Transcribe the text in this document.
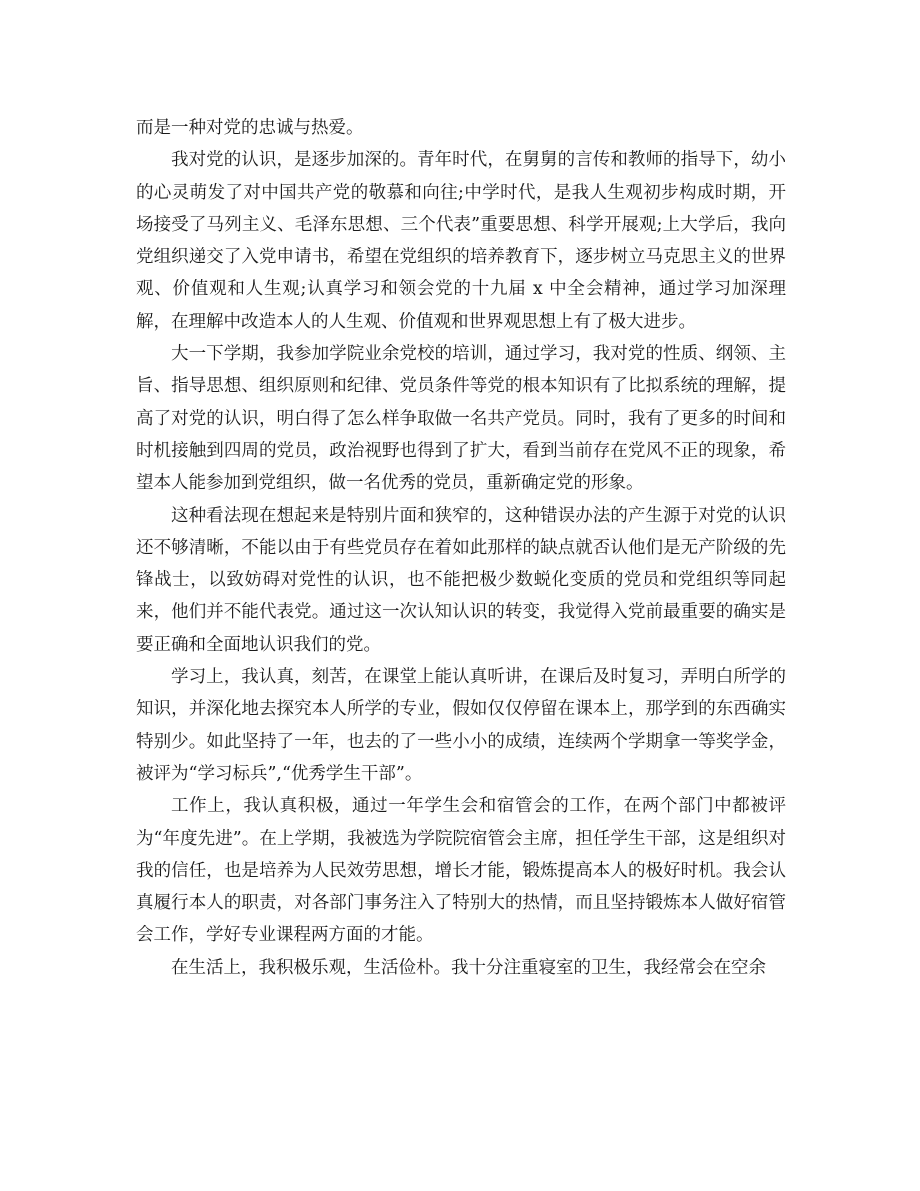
而是一种对党的忠诚与热爱。

我对党的认识，是逐步加深的。青年时代，在舅舅的言传和教师的指导下，幼小的心灵萌发了对中国共产党的敬慕和向往;中学时代，是我人生观初步构成时期，开场接受了马列主义、毛泽东思想、三个代表”重要思想、科学开展观;上大学后，我向党组织递交了入党申请书，希望在党组织的培养教育下，逐步树立马克思主义的世界观、价值观和人生观;认真学习和领会党的十九届 x 中全会精神，通过学习加深理解，在理解中改造本人的人生观、价值观和世界观思想上有了极大进步。

大一下学期，我参加学院业余党校的培训，通过学习，我对党的性质、纲领、主旨、指导思想、组织原则和纪律、党员条件等党的根本知识有了比拟系统的理解，提高了对党的认识，明白得了怎么样争取做一名共产党员。同时，我有了更多的时间和时机接触到四周的党员，政治视野也得到了扩大，看到当前存在党风不正的现象，希望本人能参加到党组织，做一名优秀的党员，重新确定党的形象。

这种看法现在想起来是特别片面和狭窄的，这种错误办法的产生源于对党的认识还不够清晰，不能以由于有些党员存在着如此那样的缺点就否认他们是无产阶级的先锋战士，以致妨碍对党性的认识，也不能把极少数蜕化变质的党员和党组织等同起来，他们并不能代表党。通过这一次认知认识的转变，我觉得入党前最重要的确实是要正确和全面地认识我们的党。

学习上，我认真，刻苦，在课堂上能认真听讲，在课后及时复习，弄明白所学的知识，并深化地去探究本人所学的专业，假如仅仅停留在课本上，那学到的东西确实特别少。如此坚持了一年，也去的了一些小小的成绩，连续两个学期拿一等奖学金，被评为“学习标兵”,“优秀学生干部”。

工作上，我认真积极，通过一年学生会和宿管会的工作，在两个部门中都被评为“年度先进”。在上学期，我被选为学院院宿管会主席，担任学生干部，这是组织对我的信任，也是培养为人民效劳思想，增长才能，锻炼提高本人的极好时机。我会认真履行本人的职责，对各部门事务注入了特别大的热情，而且坚持锻炼本人做好宿管会工作，学好专业课程两方面的才能。

在生活上，我积极乐观，生活俭朴。我十分注重寝室的卫生，我经常会在空余
